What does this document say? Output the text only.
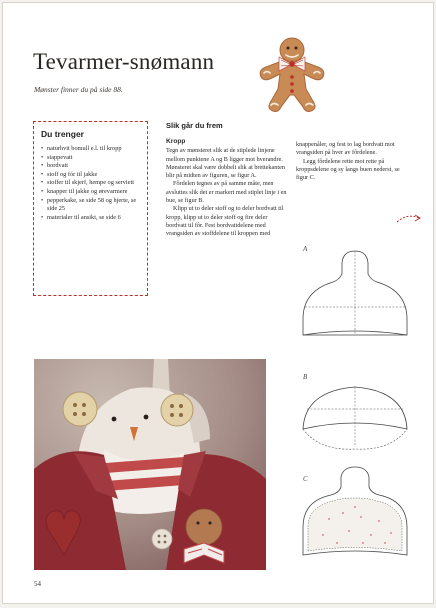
Tevarmer-snømann
Mønster finner du på side 88.
Du trenger
• naturhvit bomull e.l. til kropp
• stappevatt
• bordvatt
• stoff og fór til jakke
• stoffer til skjerf, hempe og serviett
• knapper til jakke og ørevarmere
• pepperkake, se side 58 og hjerte, se side 25
• materialer til ansikt, se side 6
Slik går du frem

Kropp

Tegn av mønsteret slik at de stiplede linjene mellom punktene A og B ligger mot hverandre. Mønsteret skal være dobbelt slik at brettekanten blir på midten av figuren, se figur A.

Fôrdelen tegnes av på samme måte, men avsluttes slik det er markert med stiplet linje i en bue, se figur B.

Klipp ut to deler stoff og to deler bordvatt til kropp, klipp ut to deler stoff og fire deler bordvatt til fôr. Fest bordvattdelene med vrangsiden av stoffdelene til kroppen med

knappenåler, og fest to lag bordvatt mot vrangsiden på hver av fôrdelene.

Legg fôrdelene rette mot rette på kroppsdelene og sy langs buen nederst, se figur C.

A
B
C
54
